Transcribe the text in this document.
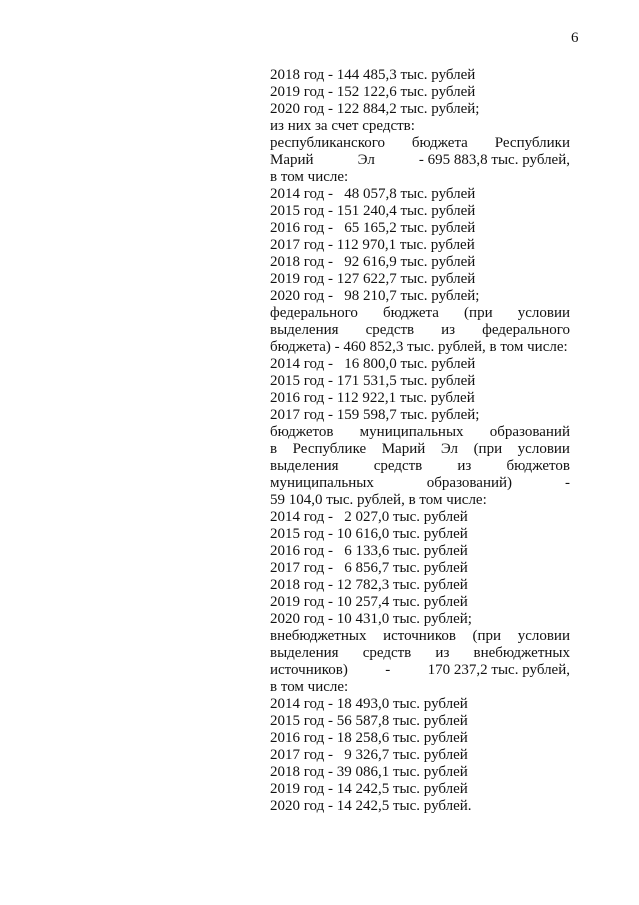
6
2018 год - 144 485,3 тыс. рублей
2019 год - 152 122,6 тыс. рублей
2020 год - 122 884,2 тыс. рублей;
из них за счет средств:
республиканского бюджета Республики
Марий	Эл	- 695 883,8 тыс. рублей,
в том числе:
2014 год -   48 057,8 тыс. рублей
2015 год - 151 240,4 тыс. рублей
2016 год -   65 165,2 тыс. рублей
2017 год - 112 970,1 тыс. рублей
2018 год -   92 616,9 тыс. рублей
2019 год - 127 622,7 тыс. рублей
2020 год -   98 210,7 тыс. рублей;
федерального бюджета (при условии
выделения средств из федерального
бюджета) - 460 852,3 тыс. рублей, в том числе:
2014 год -   16 800,0 тыс. рублей
2015 год - 171 531,5 тыс. рублей
2016 год - 112 922,1 тыс. рублей
2017 год - 159 598,7 тыс. рублей;
бюджетов муниципальных образований
в Республике Марий Эл (при условии
выделения средств из бюджетов
муниципальных	образований)	-
59 104,0 тыс. рублей, в том числе:
2014 год -   2 027,0 тыс. рублей
2015 год - 10 616,0 тыс. рублей
2016 год -   6 133,6 тыс. рублей
2017 год -   6 856,7 тыс. рублей
2018 год - 12 782,3 тыс. рублей
2019 год - 10 257,4 тыс. рублей
2020 год - 10 431,0 тыс. рублей;
внебюджетных источников (при условии
выделения средств из внебюджетных
источников) - 170 237,2 тыс. рублей,
в том числе:
2014 год - 18 493,0 тыс. рублей
2015 год - 56 587,8 тыс. рублей
2016 год - 18 258,6 тыс. рублей
2017 год -   9 326,7 тыс. рублей
2018 год - 39 086,1 тыс. рублей
2019 год - 14 242,5 тыс. рублей
2020 год - 14 242,5 тыс. рублей.
